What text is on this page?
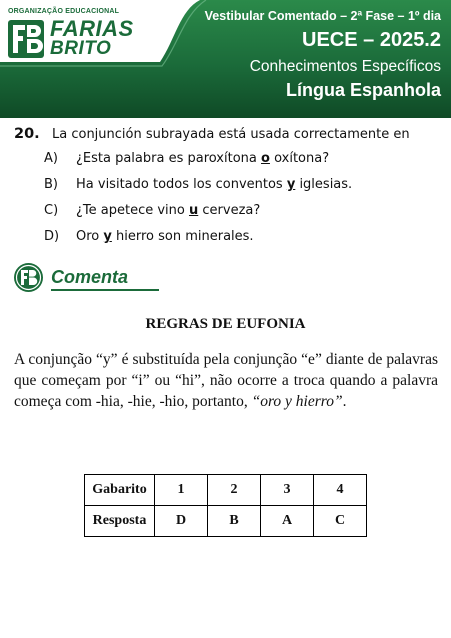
ORGANIZAÇÃO EDUCACIONAL
FARIAS
BRITO
Vestibular Comentado – 2ª Fase – 1º dia
UECE – 2025.2
Conhecimentos Específicos
Língua Espanhola
20. La conjunción subrayada está usada correctamente en
A) ¿Esta palabra es paroxítona o oxítona?
B) Ha visitado todos los conventos y iglesias.
C) ¿Te apetece vino u cerveza?
D) Oro y hierro son minerales.
Comenta
REGRAS DE EUFONIA
A conjunção “y” é substituída pela conjunção “e” diante de palavras que começam por “i” ou “hi”, não ocorre a troca quando a palavra começa com -hia, -hie, -hio, portanto, “oro y hierro”.
Gabarito	1	2	3	4
Resposta	D	B	A	C
